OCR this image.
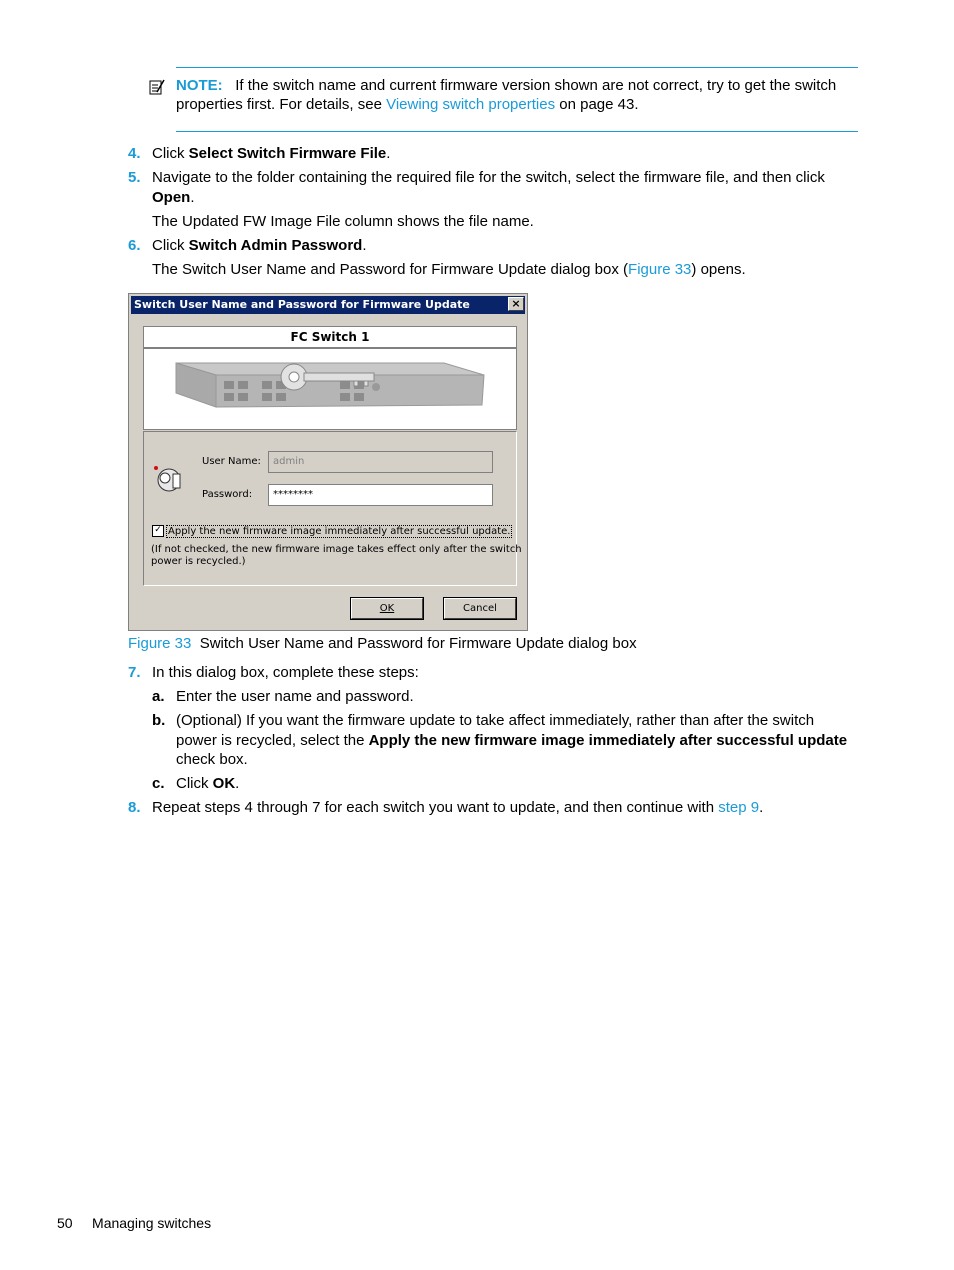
NOTE: If the switch name and current firmware version shown are not correct, try to get the switch
properties first. For details, see Viewing switch properties on page 43.
4. Click Select Switch Firmware File.
5. Navigate to the folder containing the required file for the switch, select the firmware file, and then click
Open.
The Updated FW Image File column shows the file name.
6. Click Switch Admin Password.
The Switch User Name and Password for Firmware Update dialog box (Figure 33) opens.
Switch User Name and Password for Firmware Update	×
FC Switch 1
User Name:	admin
Password:	********
✓ Apply the new firmware image immediately after successful update.
(If not checked, the new firmware image takes effect only after the switch
power is recycled.)
OK	Cancel
Figure 33 Switch User Name and Password for Firmware Update dialog box
7. In this dialog box, complete these steps:
a. Enter the user name and password.
b. (Optional) If you want the firmware update to take affect immediately, rather than after the switch
power is recycled, select the Apply the new firmware image immediately after successful update
check box.
c. Click OK.
8. Repeat steps 4 through 7 for each switch you want to update, and then continue with step 9.
50 Managing switches
